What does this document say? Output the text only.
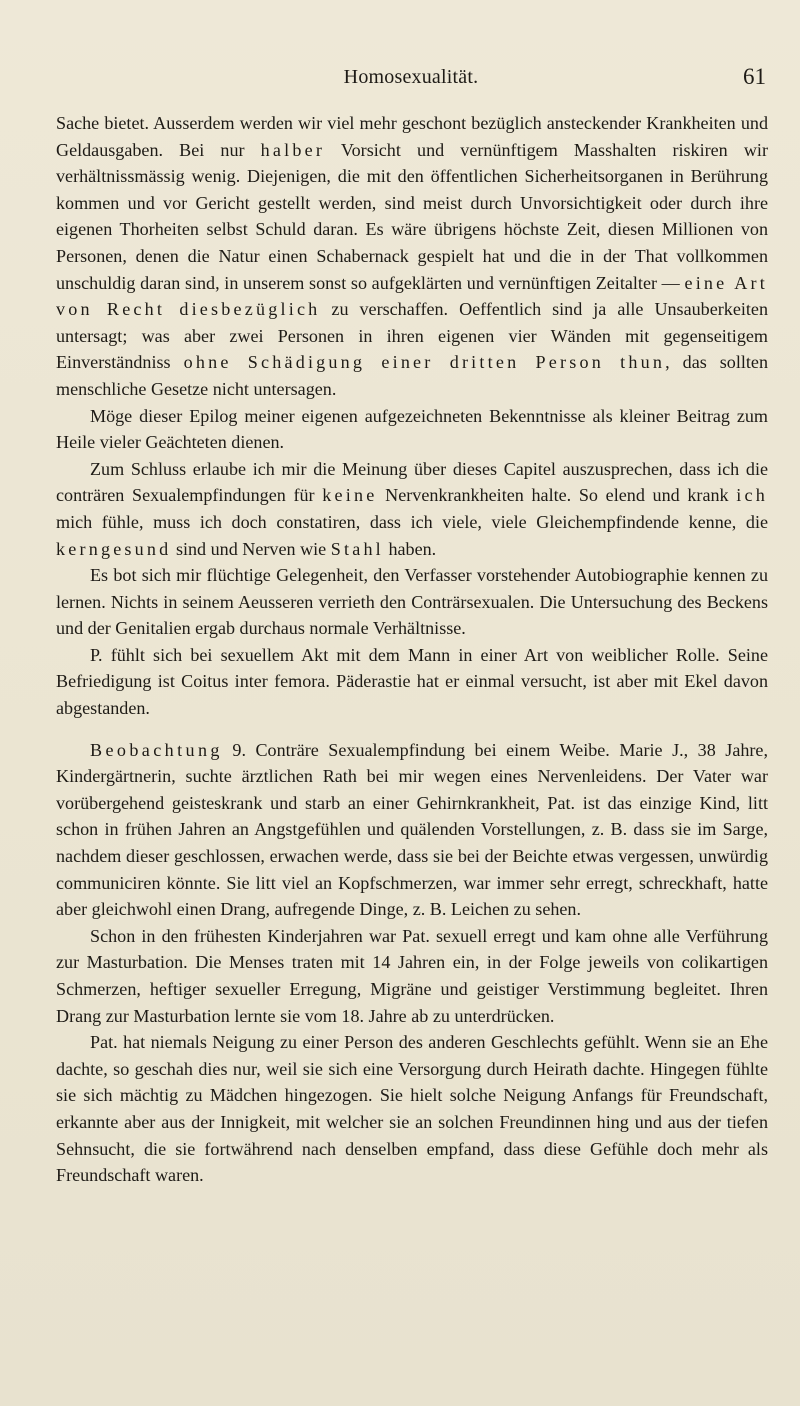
Homosexualität.	61

Sache bietet. Ausserdem werden wir viel mehr geschont bezüglich ansteckender Krankheiten und Geldausgaben. Bei nur halber Vorsicht und vernünftigem Masshalten riskiren wir verhältnissmässig wenig. Diejenigen, die mit den öffentlichen Sicherheitsorganen in Berührung kommen und vor Gericht gestellt werden, sind meist durch Unvorsichtigkeit oder durch ihre eigenen Thorheiten selbst Schuld daran. Es wäre übrigens höchste Zeit, diesen Millionen von Personen, denen die Natur einen Schabernack gespielt hat und die in der That vollkommen unschuldig daran sind, in unserem sonst so aufgeklärten und vernünftigen Zeitalter — eine Art von Recht diesbezüglich zu verschaffen. Oeffentlich sind ja alle Unsauberkeiten untersagt; was aber zwei Personen in ihren eigenen vier Wänden mit gegenseitigem Einverständniss ohne Schädigung einer dritten Person thun, das sollten menschliche Gesetze nicht untersagen.

Möge dieser Epilog meiner eigenen aufgezeichneten Bekenntnisse als kleiner Beitrag zum Heile vieler Geächteten dienen.

Zum Schluss erlaube ich mir die Meinung über dieses Capitel auszusprechen, dass ich die conträren Sexualempfindungen für keine Nervenkrankheiten halte. So elend und krank ich mich fühle, muss ich doch constatiren, dass ich viele, viele Gleichempfindende kenne, die kerngesund sind und Nerven wie Stahl haben.

Es bot sich mir flüchtige Gelegenheit, den Verfasser vorstehender Autobiographie kennen zu lernen. Nichts in seinem Aeusseren verrieth den Conträrsexualen. Die Untersuchung des Beckens und der Genitalien ergab durchaus normale Verhältnisse.

P. fühlt sich bei sexuellem Akt mit dem Mann in einer Art von weiblicher Rolle. Seine Befriedigung ist Coitus inter femora. Päderastie hat er einmal versucht, ist aber mit Ekel davon abgestanden.

Beobachtung 9. Conträre Sexualempfindung bei einem Weibe. Marie J., 38 Jahre, Kindergärtnerin, suchte ärztlichen Rath bei mir wegen eines Nervenleidens. Der Vater war vorübergehend geisteskrank und starb an einer Gehirnkrankheit, Pat. ist das einzige Kind, litt schon in frühen Jahren an Angstgefühlen und quälenden Vorstellungen, z. B. dass sie im Sarge, nachdem dieser geschlossen, erwachen werde, dass sie bei der Beichte etwas vergessen, unwürdig communiciren könnte. Sie litt viel an Kopfschmerzen, war immer sehr erregt, schreckhaft, hatte aber gleichwohl einen Drang, aufregende Dinge, z. B. Leichen zu sehen.

Schon in den frühesten Kinderjahren war Pat. sexuell erregt und kam ohne alle Verführung zur Masturbation. Die Menses traten mit 14 Jahren ein, in der Folge jeweils von colikartigen Schmerzen, heftiger sexueller Erregung, Migräne und geistiger Verstimmung begleitet. Ihren Drang zur Masturbation lernte sie vom 18. Jahre ab zu unterdrücken.

Pat. hat niemals Neigung zu einer Person des anderen Geschlechts gefühlt. Wenn sie an Ehe dachte, so geschah dies nur, weil sie sich eine Versorgung durch Heirath dachte. Hingegen fühlte sie sich mächtig zu Mädchen hingezogen. Sie hielt solche Neigung Anfangs für Freundschaft, erkannte aber aus der Innigkeit, mit welcher sie an solchen Freundinnen hing und aus der tiefen Sehnsucht, die sie fortwährend nach denselben empfand, dass diese Gefühle doch mehr als Freundschaft waren.
